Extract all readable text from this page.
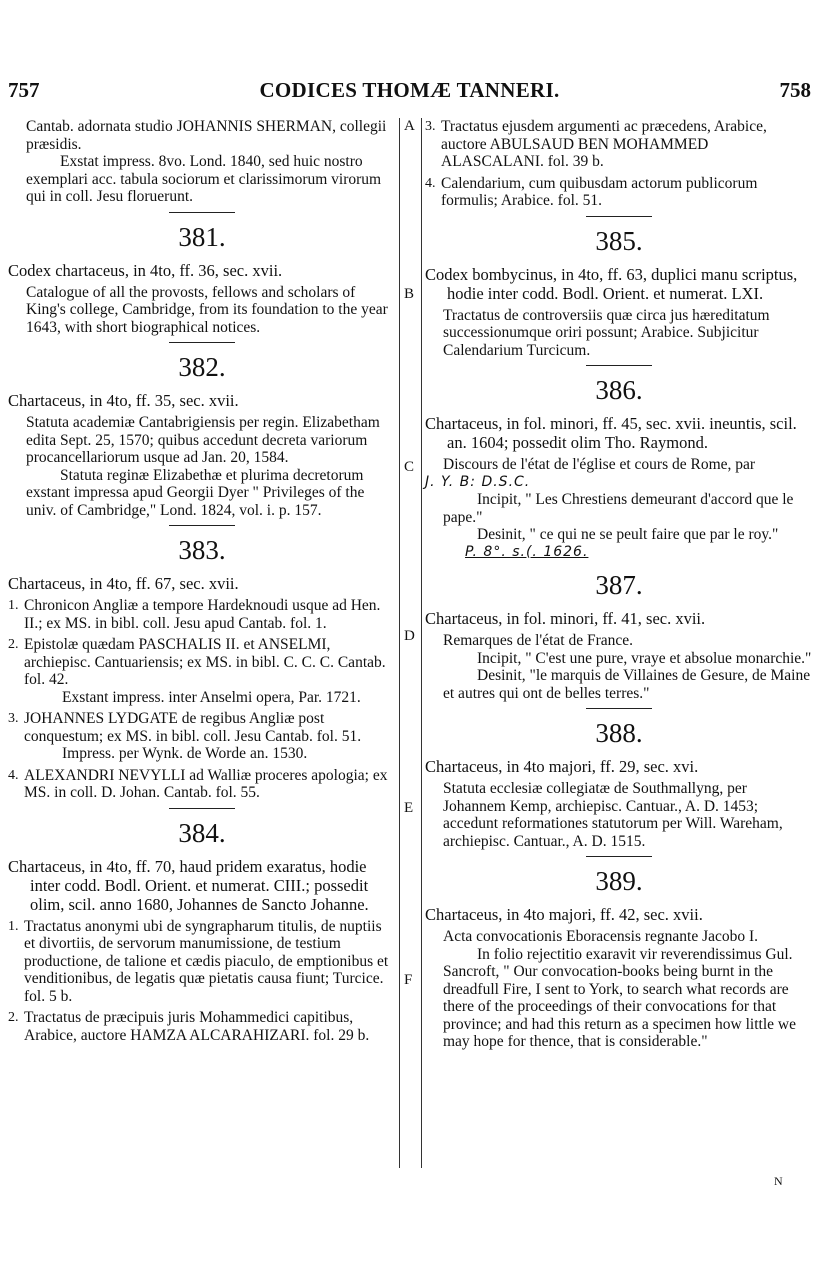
757	CODICES THOMÆ TANNERI.	758
A
B
C
D
E
F

Cantab. adornata studio JOHANNIS SHERMAN, collegii præsidis.

Exstat impress. 8vo. Lond. 1840, sed huic nostro exemplari acc. tabula sociorum et clarissimorum virorum qui in coll. Jesu floruerunt.

381.

Codex chartaceus, in 4to, ff. 36, sec. xvii.

Catalogue of all the provosts, fellows and scholars of King's college, Cambridge, from its foundation to the year 1643, with short biographical notices.

382.

Chartaceus, in 4to, ff. 35, sec. xvii.

Statuta academiæ Cantabrigiensis per regin. Elizabetham edita Sept. 25, 1570; quibus accedunt decreta variorum procancellariorum usque ad Jan. 20, 1584.

Statuta reginæ Elizabethæ et plurima decretorum exstant impressa apud Georgii Dyer " Privileges of the univ. of Cambridge," Lond. 1824, vol. i. p. 157.

383.

Chartaceus, in 4to, ff. 67, sec. xvii.

1. Chronicon Angliæ a tempore Hardeknoudi usque ad Hen. II.; ex MS. in bibl. coll. Jesu apud Cantab. fol. 1.
2. Epistolæ quædam PASCHALIS II. et ANSELMI, archiepisc. Cantuariensis; ex MS. in bibl. C. C. C. Cantab. fol. 42.
Exstant impress. inter Anselmi opera, Par. 1721.
3. JOHANNES LYDGATE de regibus Angliæ post conquestum; ex MS. in bibl. coll. Jesu Cantab. fol. 51.
Impress. per Wynk. de Worde an. 1530.
4. ALEXANDRI NEVYLLI ad Walliæ proceres apologia; ex MS. in coll. D. Johan. Cantab. fol. 55.
384.

Chartaceus, in 4to, ff. 70, haud pridem exaratus, hodie inter codd. Bodl. Orient. et numerat. CIII.; possedit olim, scil. anno 1680, Johannes de Sancto Johanne.

1. Tractatus anonymi ubi de syngrapharum titulis, de nuptiis et divortiis, de servorum manumissione, de testium productione, de talione et cædis piaculo, de emptionibus et venditionibus, de legatis quæ pietatis causa fiunt; Turcice. fol. 5 b.
2. Tractatus de præcipuis juris Mohammedici capitibus, Arabice, auctore HAMZA ALCARAHIZARI. fol. 29 b.
3. Tractatus ejusdem argumenti ac præcedens, Arabice, auctore ABULSAUD BEN MOHAMMED ALASCALANI. fol. 39 b.
4. Calendarium, cum quibusdam actorum publicorum formulis; Arabice. fol. 51.
385.

Codex bombycinus, in 4to, ff. 63, duplici manu scriptus, hodie inter codd. Bodl. Orient. et numerat. LXI.

Tractatus de controversiis quæ circa jus hæreditatum successionumque oriri possunt; Arabice. Subjicitur Calendarium Turcicum.

386.

Chartaceus, in fol. minori, ff. 45, sec. xvii. ineuntis, scil. an. 1604; possedit olim Tho. Raymond.

Discours de l'état de l'église et cours de Rome, par

J. Y. B: D.S.C.

Incipit, " Les Chrestiens demeurant d'accord que le pape."

Desinit, " ce qui ne se peult faire que par le roy."

P. 8°. s.(. 1626.

387.

Chartaceus, in fol. minori, ff. 41, sec. xvii.

Remarques de l'état de France.

Incipit, " C'est une pure, vraye et absolue monarchie."

Desinit, "le marquis de Villaines de Gesure, de Maine et autres qui ont de belles terres."

388.

Chartaceus, in 4to majori, ff. 29, sec. xvi.

Statuta ecclesiæ collegiatæ de Southmallyng, per Johannem Kemp, archiepisc. Cantuar., A. D. 1453; accedunt reformationes statutorum per Will. Wareham, archiepisc. Cantuar., A. D. 1515.

389.

Chartaceus, in 4to majori, ff. 42, sec. xvii.

Acta convocationis Eboracensis regnante Jacobo I.

In folio rejectitio exaravit vir reverendissimus Gul. Sancroft, " Our convocation-books being burnt in the dreadfull Fire, I sent to York, to search what records are there of the proceedings of their convocations for that province; and had this return as a specimen how little we may hope for thence, that is considerable."

N
